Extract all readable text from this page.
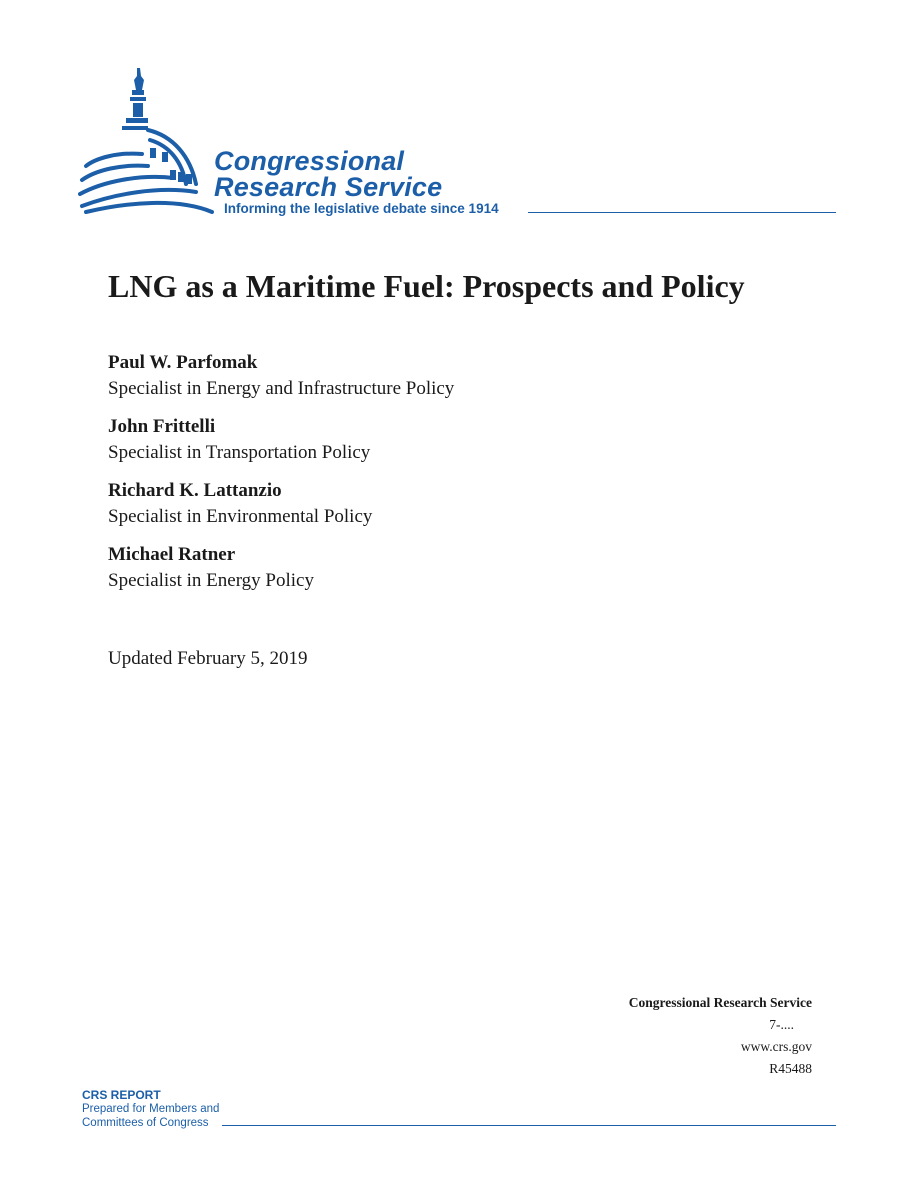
Congressional
Research Service
Informing the legislative debate since 1914
LNG as a Maritime Fuel: Prospects and Policy
Paul W. Parfomak
Specialist in Energy and Infrastructure Policy
John Frittelli
Specialist in Transportation Policy
Richard K. Lattanzio
Specialist in Environmental Policy
Michael Ratner
Specialist in Energy Policy
Updated February 5, 2019
Congressional Research Service
7-....
www.crs.gov
R45488
CRS REPORT
Prepared for Members and
Committees of Congress
